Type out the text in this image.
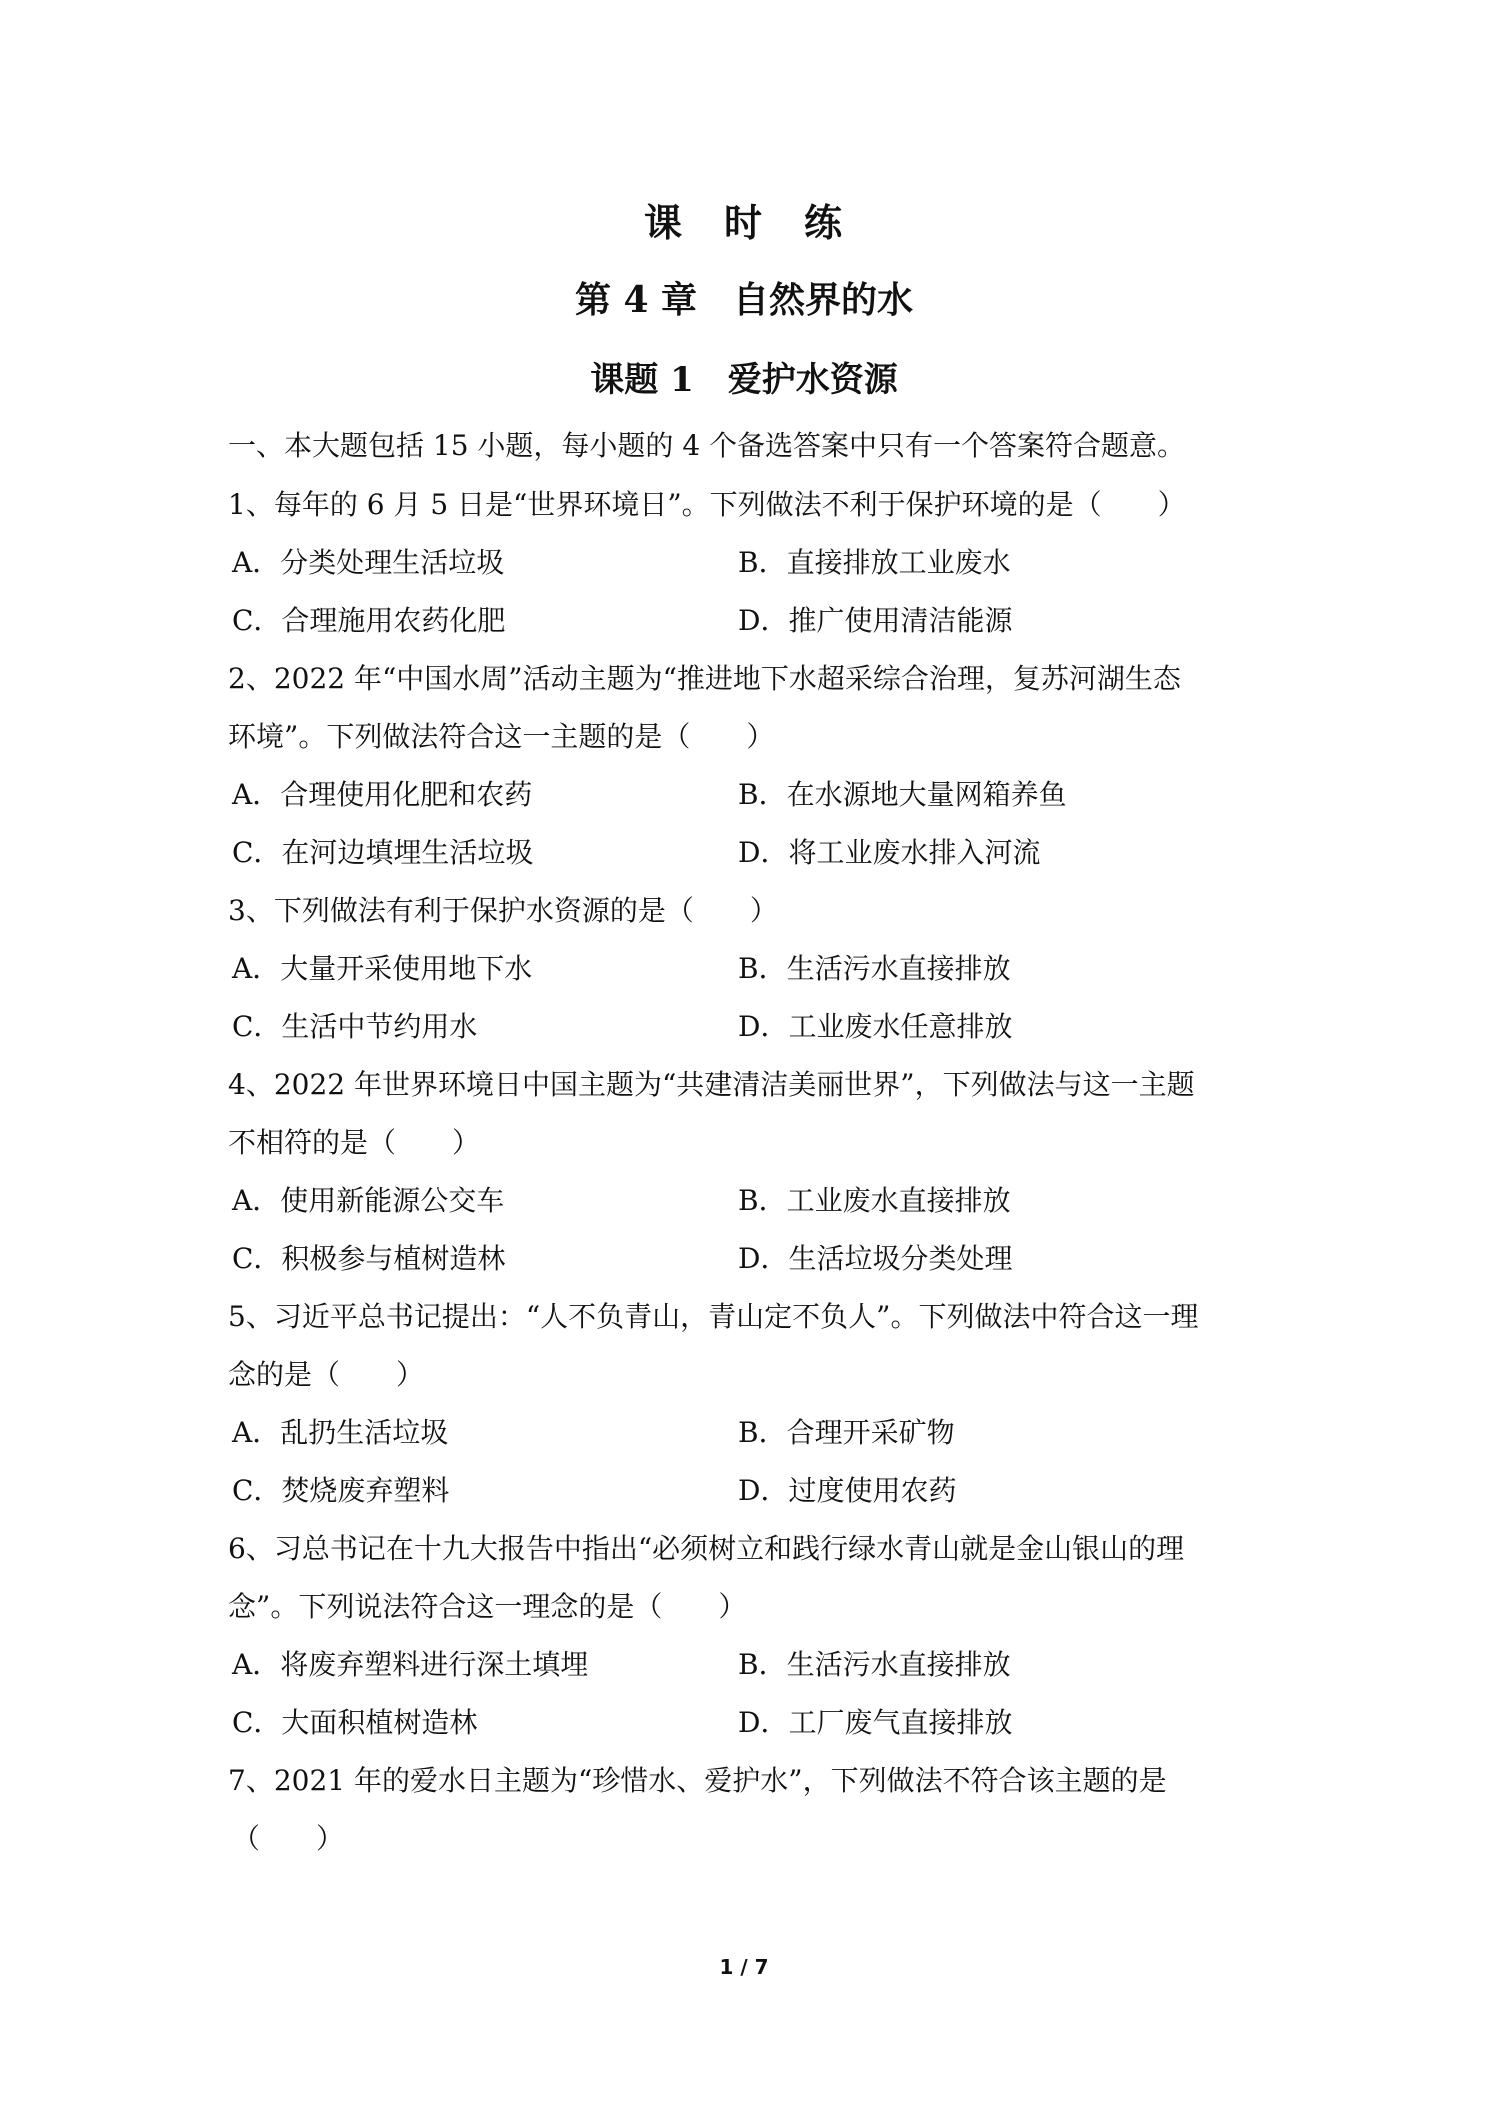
课　时　练
第 4 章　自然界的水
课题 1　爱护水资源

一、本大题包括 15 小题，每小题的 4 个备选答案中只有一个答案符合题意。

1、每年的 6 月 5 日是“世界环境日”。下列做法不利于保护环境的是（　　）

A．分类处理生活垃圾	B．直接排放工业废水

C．合理施用农药化肥	D．推广使用清洁能源

2、2022 年“中国水周”活动主题为“推进地下水超采综合治理，复苏河湖生态

环境”。下列做法符合这一主题的是（　　）

A．合理使用化肥和农药	B．在水源地大量网箱养鱼

C．在河边填埋生活垃圾	D．将工业废水排入河流

3、下列做法有利于保护水资源的是（　　）

A．大量开采使用地下水	B．生活污水直接排放

C．生活中节约用水	D．工业废水任意排放

4、2022 年世界环境日中国主题为“共建清洁美丽世界”，下列做法与这一主题

不相符的是（　　）

A．使用新能源公交车	B．工业废水直接排放

C．积极参与植树造林	D．生活垃圾分类处理

5、习近平总书记提出：“人不负青山，青山定不负人”。下列做法中符合这一理

念的是（　　）

A．乱扔生活垃圾	B．合理开采矿物

C．焚烧废弃塑料	D．过度使用农药

6、习总书记在十九大报告中指出“必须树立和践行绿水青山就是金山银山的理

念”。下列说法符合这一理念的是（　　）

A．将废弃塑料进行深土填埋	B．生活污水直接排放

C．大面积植树造林	D．工厂废气直接排放

7、2021 年的爱水日主题为“珍惜水、爱护水”，下列做法不符合该主题的是

（　　）

1 / 7
